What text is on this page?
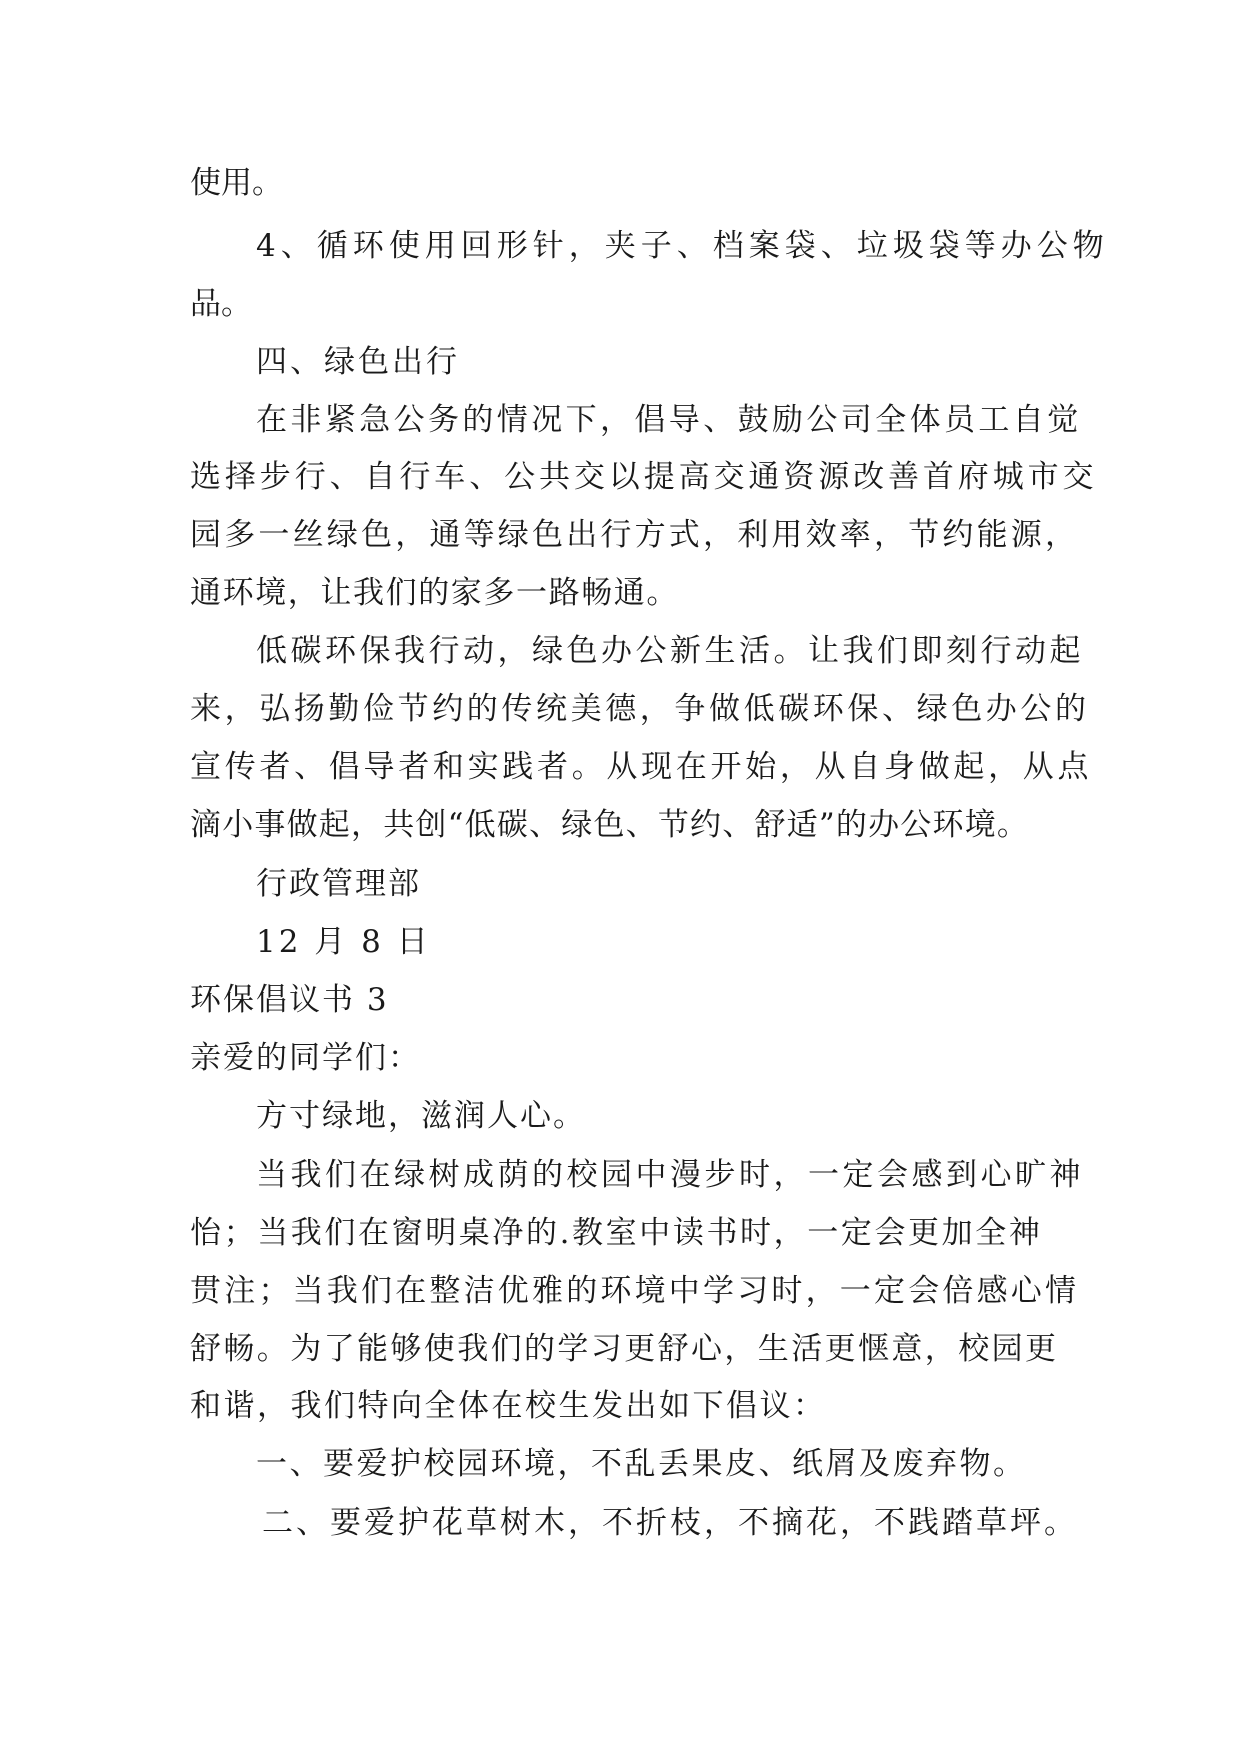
使用。
4、循环使用回形针，夹子、档案袋、垃圾袋等办公物
品。
四、绿色出行
在非紧急公务的情况下，倡导、鼓励公司全体员工自觉
选择步行、自行车、公共交以提高交通资源改善首府城市交
园多一丝绿色，通等绿色出行方式，利用效率，节约能源，
通环境，让我们的家多一路畅通。
低碳环保我行动，绿色办公新生活。让我们即刻行动起
来，弘扬勤俭节约的传统美德，争做低碳环保、绿色办公的
宣传者、倡导者和实践者。从现在开始，从自身做起，从点
滴小事做起，共创“低碳、绿色、节约、舒适”的办公环境。
行政管理部
12 月 8 日
环保倡议书 3
亲爱的同学们：
方寸绿地，滋润人心。
当我们在绿树成荫的校园中漫步时，一定会感到心旷神
怡；当我们在窗明桌净的.教室中读书时，一定会更加全神
贯注；当我们在整洁优雅的环境中学习时，一定会倍感心情
舒畅。为了能够使我们的学习更舒心，生活更惬意，校园更
和谐，我们特向全体在校生发出如下倡议：
一、要爱护校园环境，不乱丢果皮、纸屑及废弃物。
二、要爱护花草树木，不折枝，不摘花，不践踏草坪。
